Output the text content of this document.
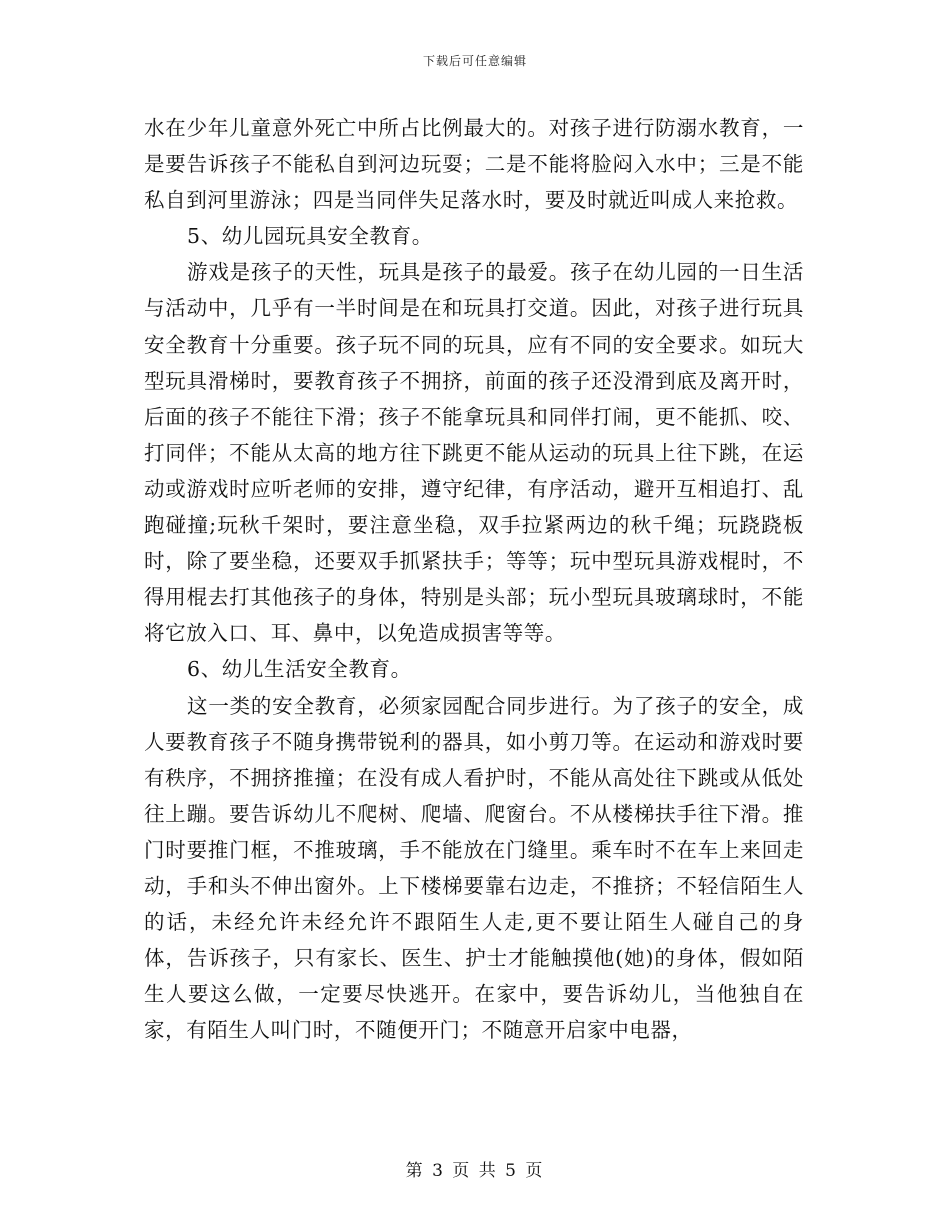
下载后可任意编辑

水在少年儿童意外死亡中所占比例最大的。对孩子进行防溺水教育，一是要告诉孩子不能私自到河边玩耍；二是不能将脸闷入水中；三是不能私自到河里游泳；四是当同伴失足落水时，要及时就近叫成人来抢救。

5、幼儿园玩具安全教育。

游戏是孩子的天性，玩具是孩子的最爱。孩子在幼儿园的一日生活与活动中，几乎有一半时间是在和玩具打交道。因此，对孩子进行玩具安全教育十分重要。孩子玩不同的玩具，应有不同的安全要求。如玩大型玩具滑梯时，要教育孩子不拥挤，前面的孩子还没滑到底及离开时，后面的孩子不能往下滑；孩子不能拿玩具和同伴打闹，更不能抓、咬、打同伴；不能从太高的地方往下跳更不能从运动的玩具上往下跳，在运动或游戏时应听老师的安排，遵守纪律，有序活动，避开互相追打、乱跑碰撞;玩秋千架时，要注意坐稳，双手拉紧两边的秋千绳；玩跷跷板时，除了要坐稳，还要双手抓紧扶手；等等；玩中型玩具游戏棍时，不得用棍去打其他孩子的身体，特别是头部；玩小型玩具玻璃球时，不能将它放入口、耳、鼻中，以免造成损害等等。

6、幼儿生活安全教育。

这一类的安全教育，必须家园配合同步进行。为了孩子的安全，成人要教育孩子不随身携带锐利的器具，如小剪刀等。在运动和游戏时要有秩序，不拥挤推撞；在没有成人看护时，不能从高处往下跳或从低处往上蹦。要告诉幼儿不爬树、爬墙、爬窗台。不从楼梯扶手往下滑。推门时要推门框，不推玻璃，手不能放在门缝里。乘车时不在车上来回走动，手和头不伸出窗外。上下楼梯要靠右边走，不推挤；不轻信陌生人的话，未经允许未经允许不跟陌生人走,更不要让陌生人碰自己的身体，告诉孩子，只有家长、医生、护士才能触摸他(她)的身体，假如陌生人要这么做，一定要尽快逃开。在家中，要告诉幼儿，当他独自在家，有陌生人叫门时，不随便开门；不随意开启家中电器，

第 3 页 共 5 页
